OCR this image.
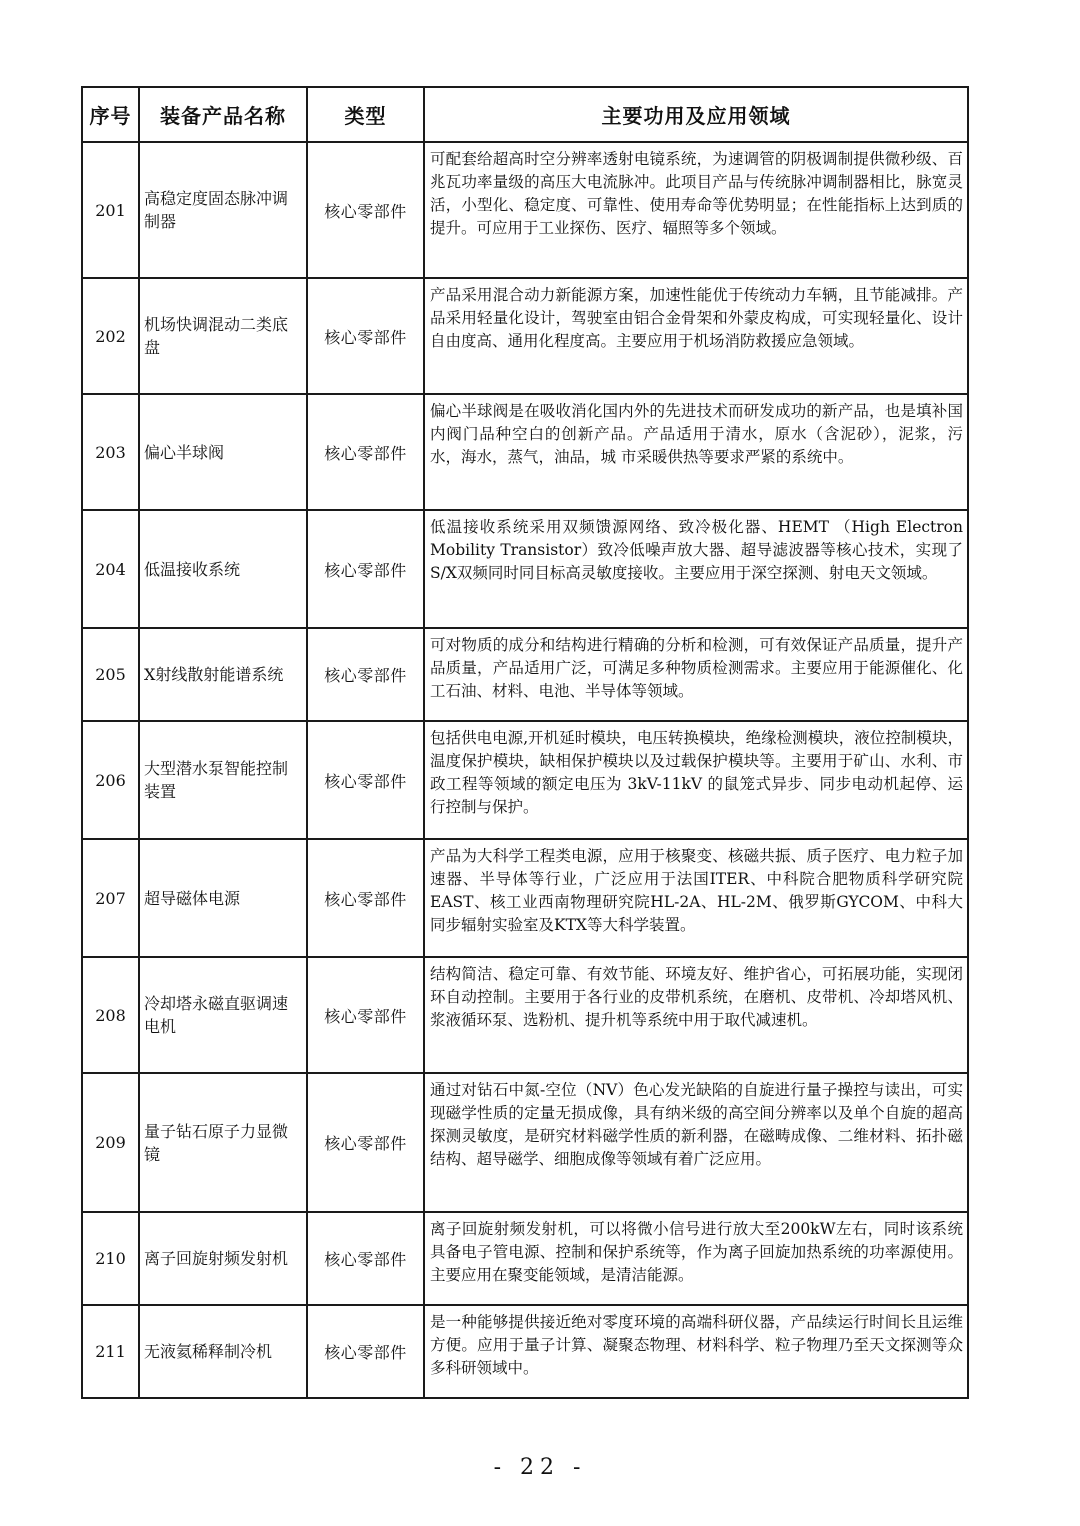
序号	装备产品名称	类型	主要功用及应用领域
201	高稳定度固态脉冲调制器	核心零部件	可配套给超高时空分辨率透射电镜系统，为速调管的阴极调制提供微秒级、百兆瓦功率量级的高压大电流脉冲。此项目产品与传统脉冲调制器相比，脉宽灵活，小型化、稳定度、可靠性、使用寿命等优势明显；在性能指标上达到质的提升。可应用于工业探伤、医疗、辐照等多个领域。
202	机场快调混动二类底盘	核心零部件	产品采用混合动力新能源方案，加速性能优于传统动力车辆，且节能减排。产品采用轻量化设计，驾驶室由铝合金骨架和外蒙皮构成，可实现轻量化、设计自由度高、通用化程度高。主要应用于机场消防救援应急领域。
203	偏心半球阀	核心零部件	偏心半球阀是在吸收消化国内外的先进技术而研发成功的新产品，也是填补国内阀门品种空白的创新产品。产品适用于清水，原水（含泥砂），泥浆，污水，海水，蒸气，油品，城 市采暖供热等要求严紧的系统中。
204	低温接收系统	核心零部件	低温接收系统采用双频馈源网络、致冷极化器、HEMT （High Electron Mobility Transistor）致冷低噪声放大器、超导滤波器等核心技术，实现了S/X双频同时同目标高灵敏度接收。主要应用于深空探测、射电天文领域。
205	X射线散射能谱系统	核心零部件	可对物质的成分和结构进行精确的分析和检测，可有效保证产品质量，提升产品质量，产品适用广泛，可满足多种物质检测需求。主要应用于能源催化、化工石油、材料、电池、半导体等领域。
206	大型潜水泵智能控制装置	核心零部件	包括供电电源,开机延时模块，电压转换模块，绝缘检测模块，液位控制模块，温度保护模块，缺相保护模块以及过载保护模块等。主要用于矿山、水利、市政工程等领域的额定电压为 3kV-11kV 的鼠笼式异步、同步电动机起停、运行控制与保护。
207	超导磁体电源	核心零部件	产品为大科学工程类电源，应用于核聚变、核磁共振、质子医疗、电力粒子加速器、半导体等行业，广泛应用于法国ITER、中科院合肥物质科学研究院EAST、核工业西南物理研究院HL-2A、HL-2M、俄罗斯GYCOM、中科大同步辐射实验室及KTX等大科学装置。
208	冷却塔永磁直驱调速电机	核心零部件	结构简洁、稳定可靠、有效节能、环境友好、维护省心，可拓展功能，实现闭环自动控制。主要用于各行业的皮带机系统，在磨机、皮带机、冷却塔风机、浆液循环泵、选粉机、提升机等系统中用于取代减速机。
209	量子钻石原子力显微镜	核心零部件	通过对钻石中氮-空位（NV）色心发光缺陷的自旋进行量子操控与读出，可实现磁学性质的定量无损成像，具有纳米级的高空间分辨率以及单个自旋的超高探测灵敏度，是研究材料磁学性质的新利器，在磁畴成像、二维材料、拓扑磁结构、超导磁学、细胞成像等领域有着广泛应用。
210	离子回旋射频发射机	核心零部件	离子回旋射频发射机，可以将微小信号进行放大至200kW左右，同时该系统具备电子管电源、控制和保护系统等，作为离子回旋加热系统的功率源使用。主要应用在聚变能领域，是清洁能源。
211	无液氦稀释制冷机	核心零部件	是一种能够提供接近绝对零度环境的高端科研仪器，产品续运行时间长且运维方便。应用于量子计算、凝聚态物理、材料科学、粒子物理乃至天文探测等众多科研领域中。
- 22 -
